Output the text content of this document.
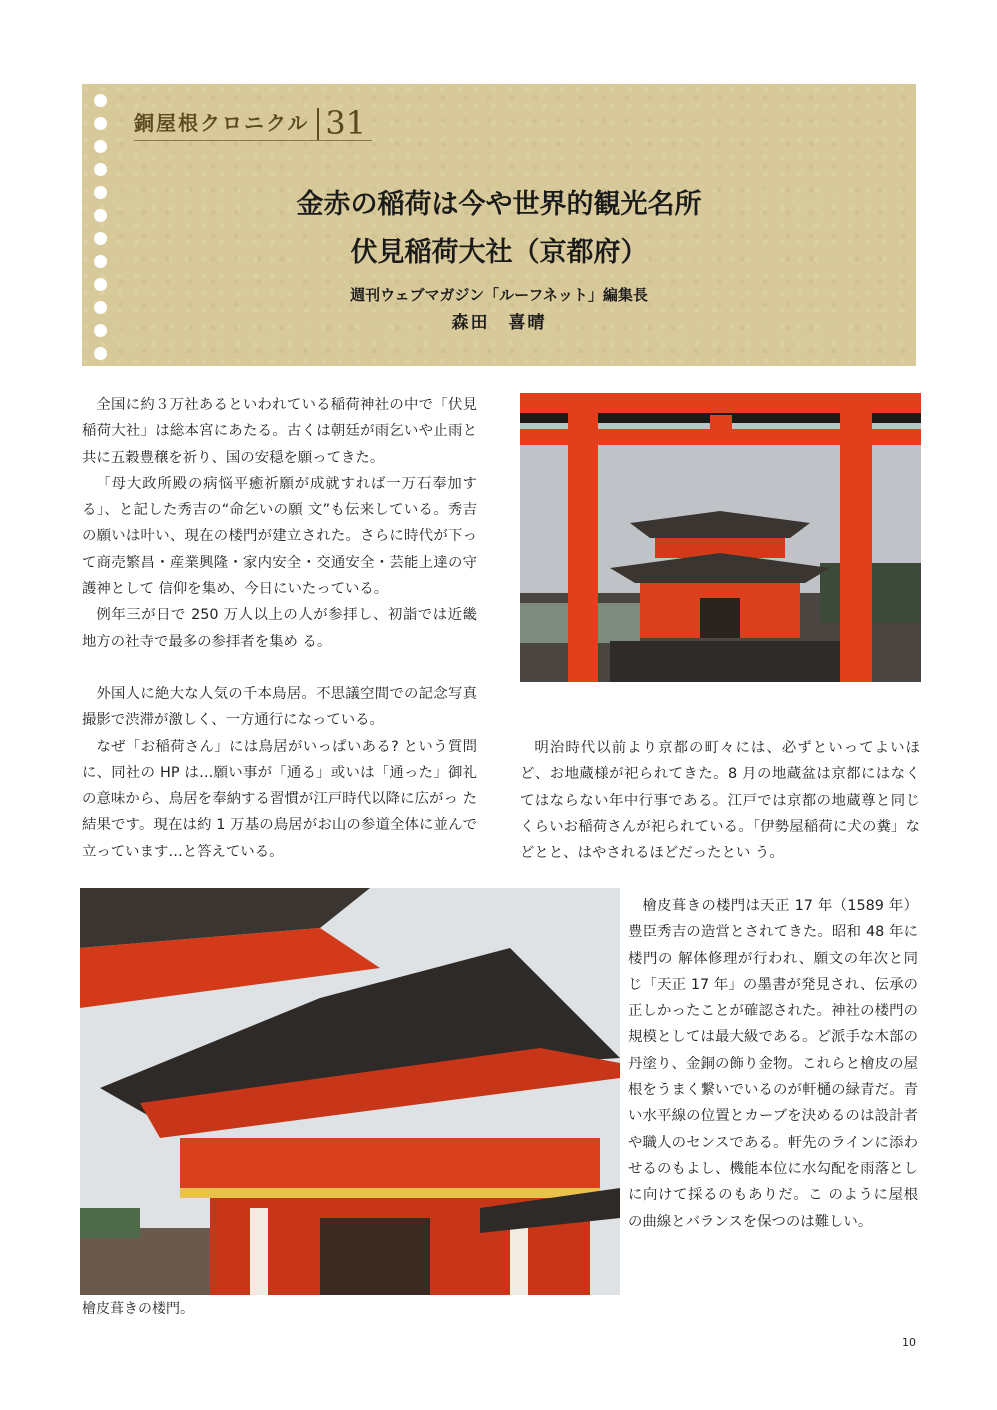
銅屋根クロニクル 31
金赤の稲荷は今や世界的観光名所
伏見稲荷大社（京都府）
週刊ウェブマガジン「ルーフネット」編集長
森田　喜晴

全国に約３万社あるといわれている稲荷神社の中で「伏見稲荷大社」は総本宮にあたる。古くは朝廷が雨乞いや止雨と共に五穀豊穣を祈り、国の安穏を願ってきた。

「母大政所殿の病悩平癒祈願が成就すれば一万石奉加する」、と記した秀吉の“命乞いの願 文”も伝来している。秀吉の願いは叶い、現在の楼門が建立された。さらに時代が下って商売繁昌・産業興隆・家内安全・交通安全・芸能上達の守護神として 信仰を集め、今日にいたっている。

例年三が日で 250 万人以上の人が参拝し、初詣では近畿地方の社寺で最多の参拝者を集め る。

外国人に絶大な人気の千本鳥居。不思議空間での記念写真撮影で渋滞が激しく、一方通行になっている。

なぜ「お稲荷さん」には鳥居がいっぱいある? という質問に、同社の HP は…願い事が「通る」或いは「通った」御礼の意味から、鳥居を奉納する習慣が江戸時代以降に広がっ た結果です。現在は約 1 万基の鳥居がお山の参道全体に並んで立っています…と答えている。

明治時代以前より京都の町々には、必ずといってよいほど、お地蔵様が祀られてきた。8 月の地蔵盆は京都にはなくてはならない年中行事である。江戸では京都の地蔵尊と同じくらいお稲荷さんが祀られている。「伊勢屋稲荷に犬の糞」などとと、はやされるほどだったとい う。

檜皮葺きの楼門。

檜皮葺きの楼門は天正 17 年（1589 年）豊臣秀吉の造営とされてきた。昭和 48 年に楼門の 解体修理が行われ、願文の年次と同じ「天正 17 年」の墨書が発見され、伝承の正しかったことが確認された。神社の楼門の規模としては最大級である。ど派手な木部の丹塗り、金銅の飾り金物。これらと檜皮の屋根をうまく繋いでいるのが軒樋の緑青だ。青い水平線の位置とカーブを決めるのは設計者や職人のセンスである。軒先のラインに添わせるのもよし、機能本位に水勾配を雨落としに向けて採るのもありだ。こ のように屋根の曲線とバランスを保つのは難しい。

10
